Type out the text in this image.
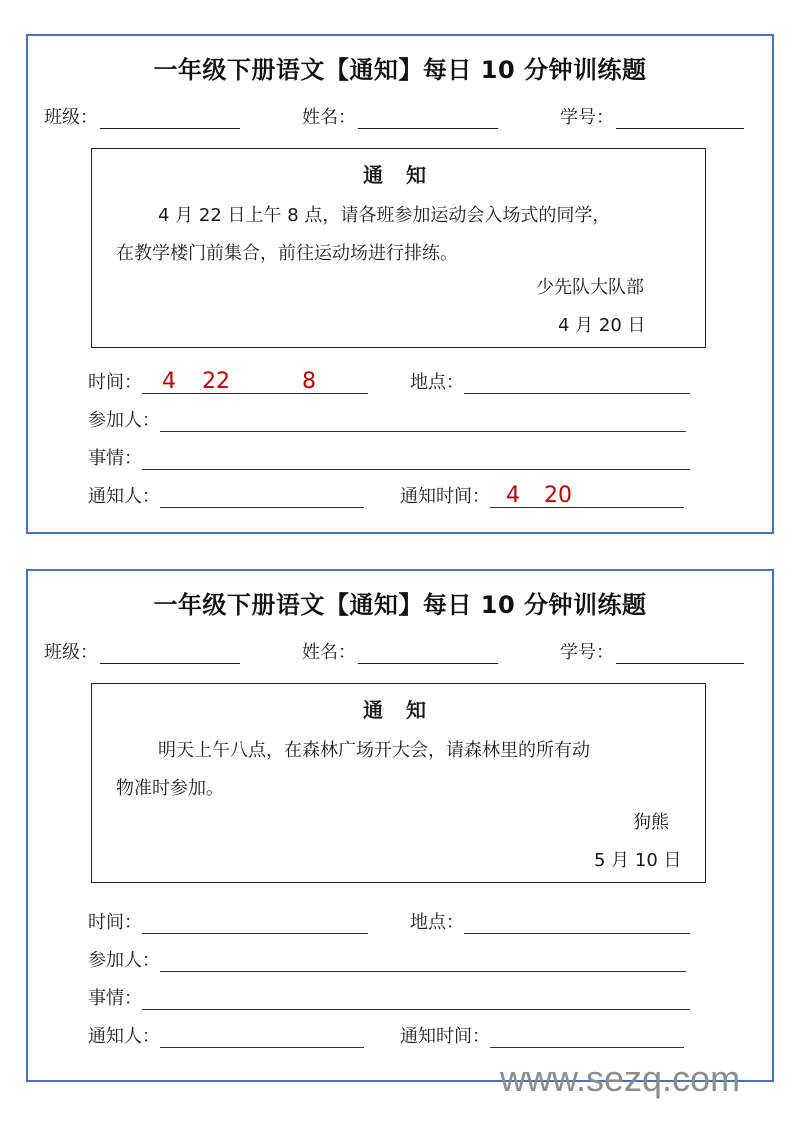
一年级下册语文【通知】每日 10 分钟训练题
班级：	姓名：	学号：
通 知
4 月 22 日上午 8 点，请各班参加运动会入场式的同学，
在教学楼门前集合，前往运动场进行排练。
少先队大队部
4 月 20 日
时间： 4 22	8	地点：
参加人：
事情：
通知人：	通知时间： 4 20
一年级下册语文【通知】每日 10 分钟训练题
班级：	姓名：	学号：
通 知
明天上午八点，在森林广场开大会，请森林里的所有动
物准时参加。
狗熊
5 月 10 日
时间：	地点：
参加人：
事情：
通知人：	通知时间：
www.sezq.com
